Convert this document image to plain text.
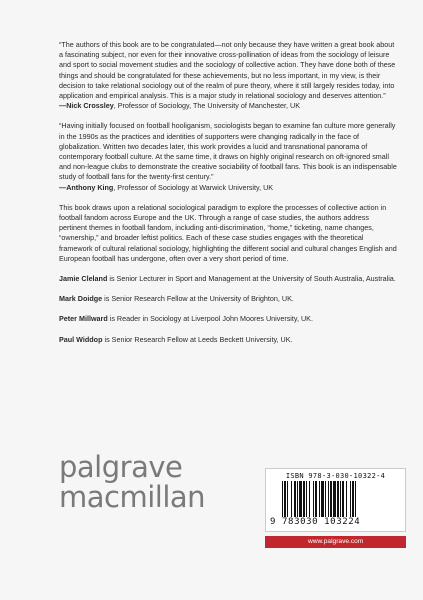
“The authors of this book are to be congratulated—not only because they have written a great book about a fascinating subject, nor even for their innovative cross-pollination of ideas from the sociology of leisure and sport to social movement studies and the sociology of collective action. They have done both of these things and should be congratulated for these achievements, but no less important, in my view, is their decision to take relational sociology out of the realm of pure theory, where it still largely resides today, into application and empirical analysis. This is a major study in relational sociology and deserves attention.”
—Nick Crossley, Professor of Sociology, The University of Manchester, UK

“Having initially focused on football hooliganism, sociologists began to examine fan culture more generally in the 1990s as the practices and identities of supporters were changing radically in the face of globalization. Written two decades later, this work provides a lucid and transnational panorama of contemporary football culture. At the same time, it draws on highly original research on oft-ignored small and non-league clubs to demonstrate the creative sociability of football fans. This book is an indispensable study of football fans for the twenty-first century.”
—Anthony King, Professor of Sociology at Warwick University, UK

This book draws upon a relational sociological paradigm to explore the processes of collective action in football fandom across Europe and the UK. Through a range of case studies, the authors address pertinent themes in football fandom, including anti-discrimination, “home,” ticketing, name changes, “ownership,” and broader leftist politics. Each of these case studies engages with the theoretical framework of cultural relational sociology, highlighting the different social and cultural changes English and European football has undergone, often over a very short period of time.

Jamie Cleland is Senior Lecturer in Sport and Management at the University of South Australia, Australia.

Mark Doidge is Senior Research Fellow at the University of Brighton, UK.

Peter Millward is Reader in Sociology at Liverpool John Moores University, UK.

Paul Widdop is Senior Research Fellow at Leeds Beckett University, UK.

palgrave
macmillan
ISBN 978-3-030-10322-4
9 783030 103224
www.palgrave.com
